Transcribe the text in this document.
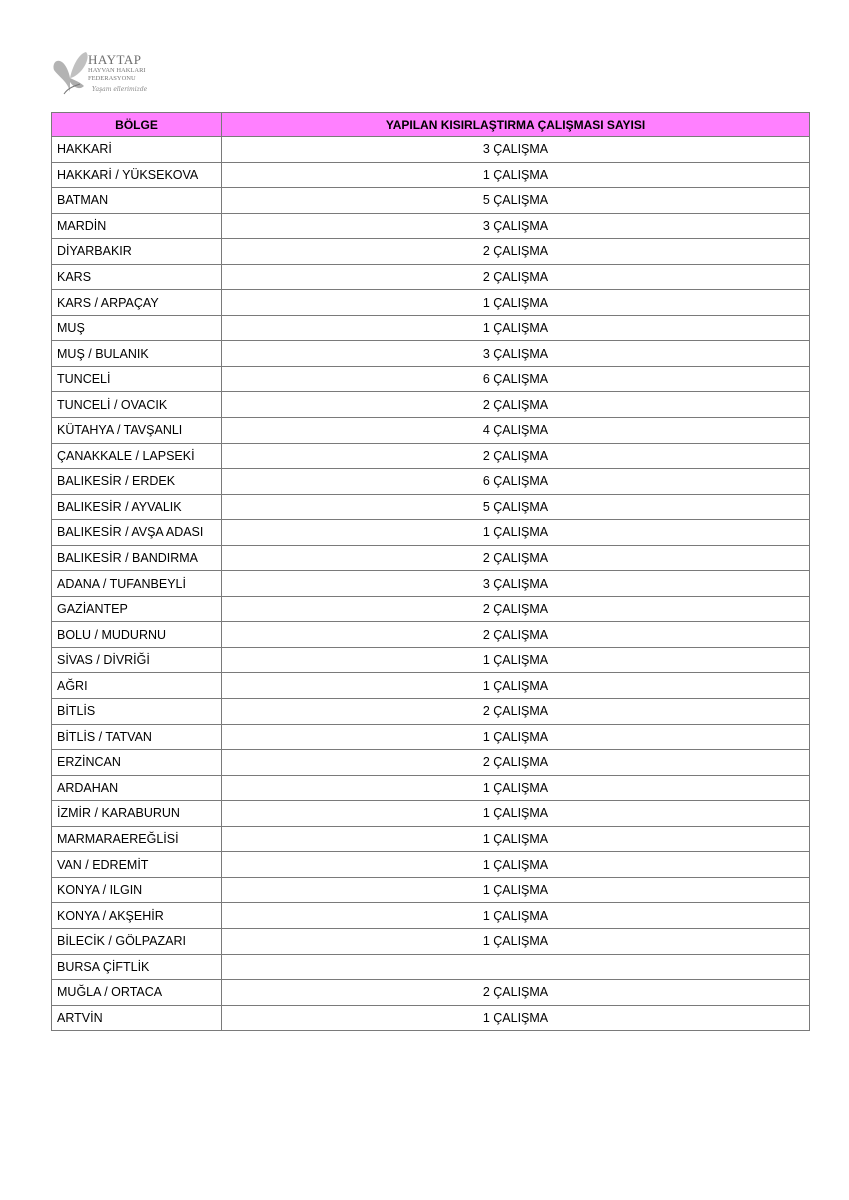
HAYTAP
HAYVAN HAKLARI
FEDERASYONU
Yaşam ellerimizde
BÖLGE	YAPILAN KISIRLAŞTIRMA ÇALIŞMASI SAYISI
HAKKARİ	3 ÇALIŞMA
HAKKARİ / YÜKSEKOVA	1 ÇALIŞMA
BATMAN	5 ÇALIŞMA
MARDİN	3 ÇALIŞMA
DİYARBAKIR	2 ÇALIŞMA
KARS	2 ÇALIŞMA
KARS / ARPAÇAY	1 ÇALIŞMA
MUŞ	1 ÇALIŞMA
MUŞ / BULANIK	3 ÇALIŞMA
TUNCELİ	6 ÇALIŞMA
TUNCELİ / OVACIK	2 ÇALIŞMA
KÜTAHYA / TAVŞANLI	4 ÇALIŞMA
ÇANAKKALE / LAPSEKİ	2 ÇALIŞMA
BALIKESİR / ERDEK	6 ÇALIŞMA
BALIKESİR / AYVALIK	5 ÇALIŞMA
BALIKESİR / AVŞA ADASI	1 ÇALIŞMA
BALIKESİR / BANDIRMA	2 ÇALIŞMA
ADANA / TUFANBEYLİ	3 ÇALIŞMA
GAZİANTEP	2 ÇALIŞMA
BOLU / MUDURNU	2 ÇALIŞMA
SİVAS / DİVRİĞİ	1 ÇALIŞMA
AĞRI	1 ÇALIŞMA
BİTLİS	2 ÇALIŞMA
BİTLİS / TATVAN	1 ÇALIŞMA
ERZİNCAN	2 ÇALIŞMA
ARDAHAN	1 ÇALIŞMA
İZMİR / KARABURUN	1 ÇALIŞMA
MARMARAEREĞLİSİ	1 ÇALIŞMA
VAN / EDREMİT	1 ÇALIŞMA
KONYA / ILGIN	1 ÇALIŞMA
KONYA / AKŞEHİR	1 ÇALIŞMA
BİLECİK / GÖLPAZARI	1 ÇALIŞMA
BURSA ÇİFTLİK	
MUĞLA / ORTACA	2 ÇALIŞMA
ARTVİN	1 ÇALIŞMA
